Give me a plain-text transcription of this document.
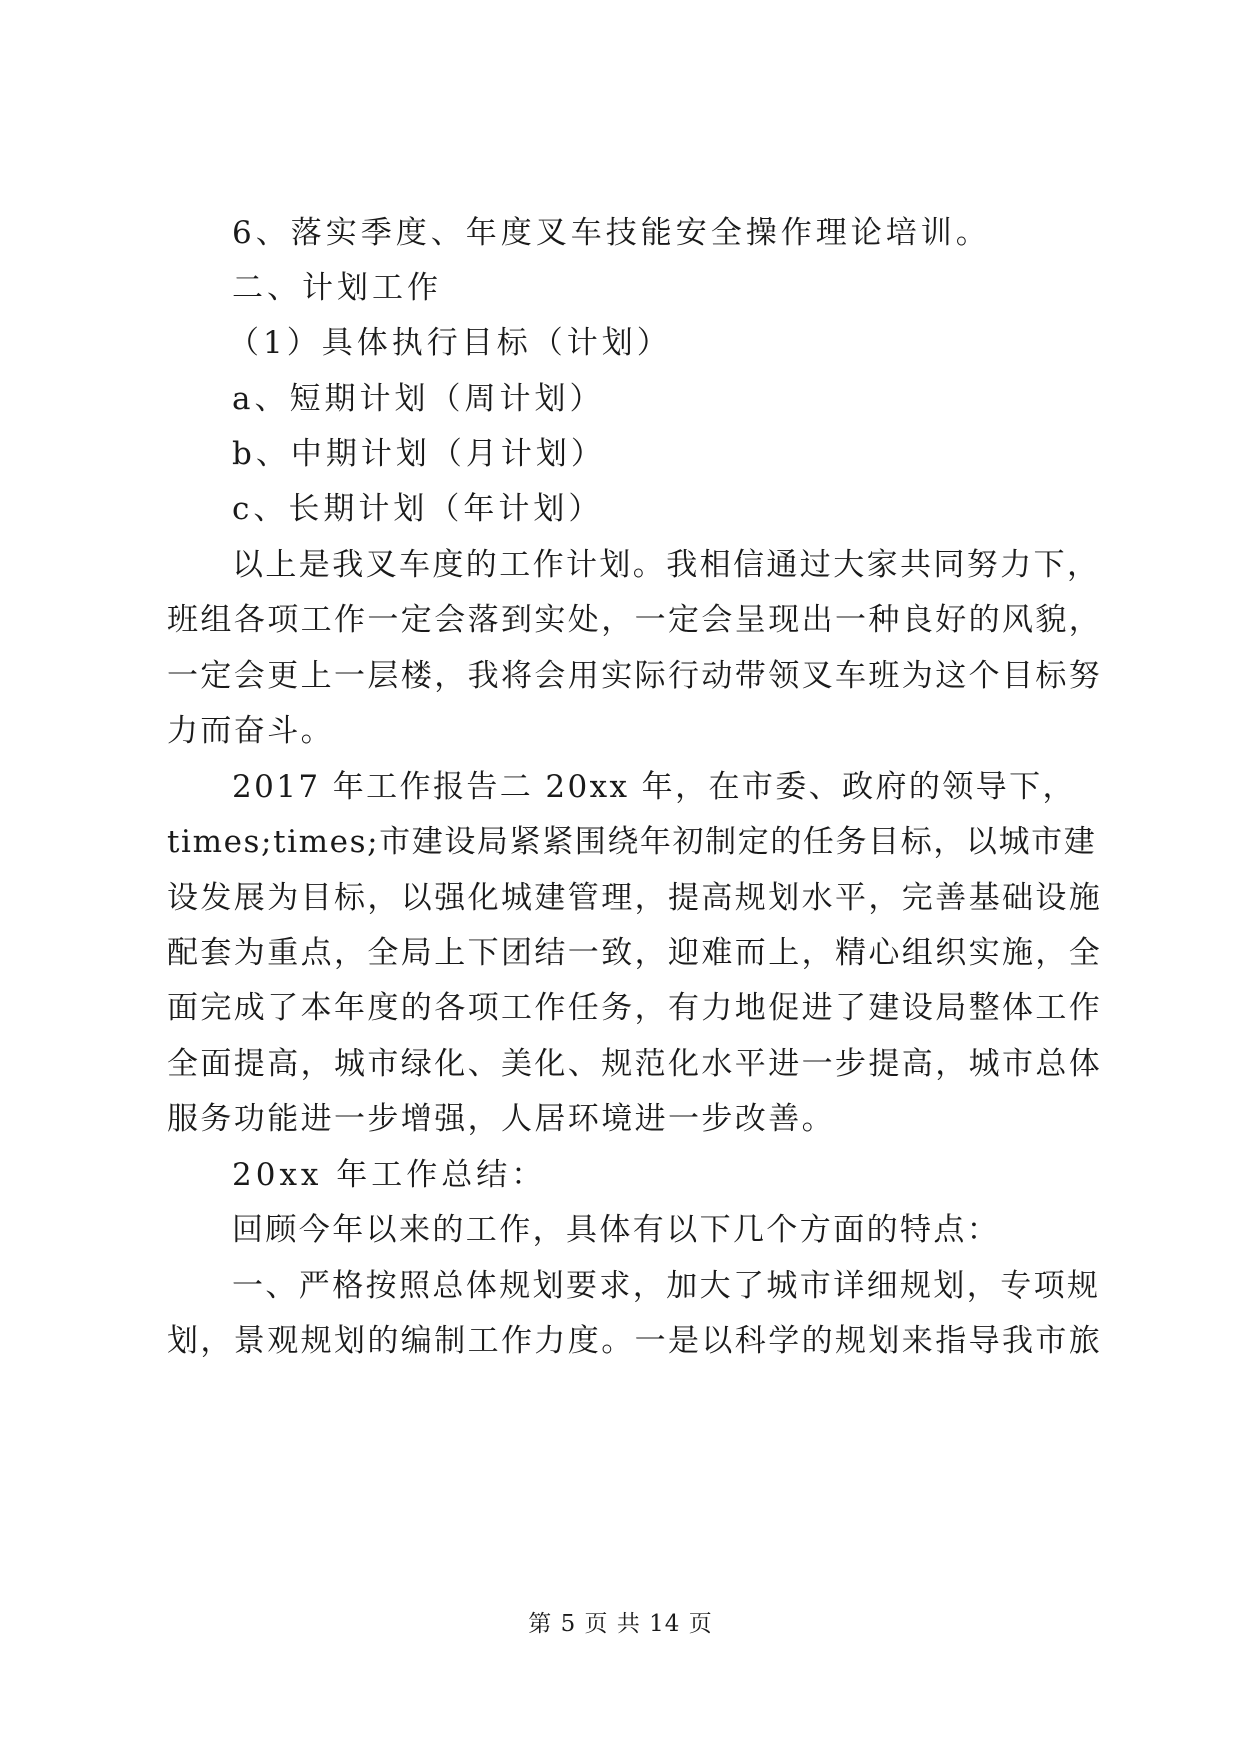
6、落实季度、年度叉车技能安全操作理论培训。
二、计划工作
（1）具体执行目标（计划）
a、短期计划（周计划）
b、中期计划（月计划）
c、长期计划（年计划）
以上是我叉车度的工作计划。我相信通过大家共同努力下，
班组各项工作一定会落到实处，一定会呈现出一种良好的风貌，
一定会更上一层楼，我将会用实际行动带领叉车班为这个目标努
力而奋斗。
2017 年工作报告二 20xx 年，在市委、政府的领导下，
times;times;市建设局紧紧围绕年初制定的任务目标，以城市建
设发展为目标，以强化城建管理，提高规划水平，完善基础设施
配套为重点，全局上下团结一致，迎难而上，精心组织实施，全
面完成了本年度的各项工作任务，有力地促进了建设局整体工作
全面提高，城市绿化、美化、规范化水平进一步提高，城市总体
服务功能进一步增强，人居环境进一步改善。
20xx 年工作总结：
回顾今年以来的工作，具体有以下几个方面的特点：
一、严格按照总体规划要求，加大了城市详细规划，专项规
划，景观规划的编制工作力度。一是以科学的规划来指导我市旅
第 5 页 共 14 页
